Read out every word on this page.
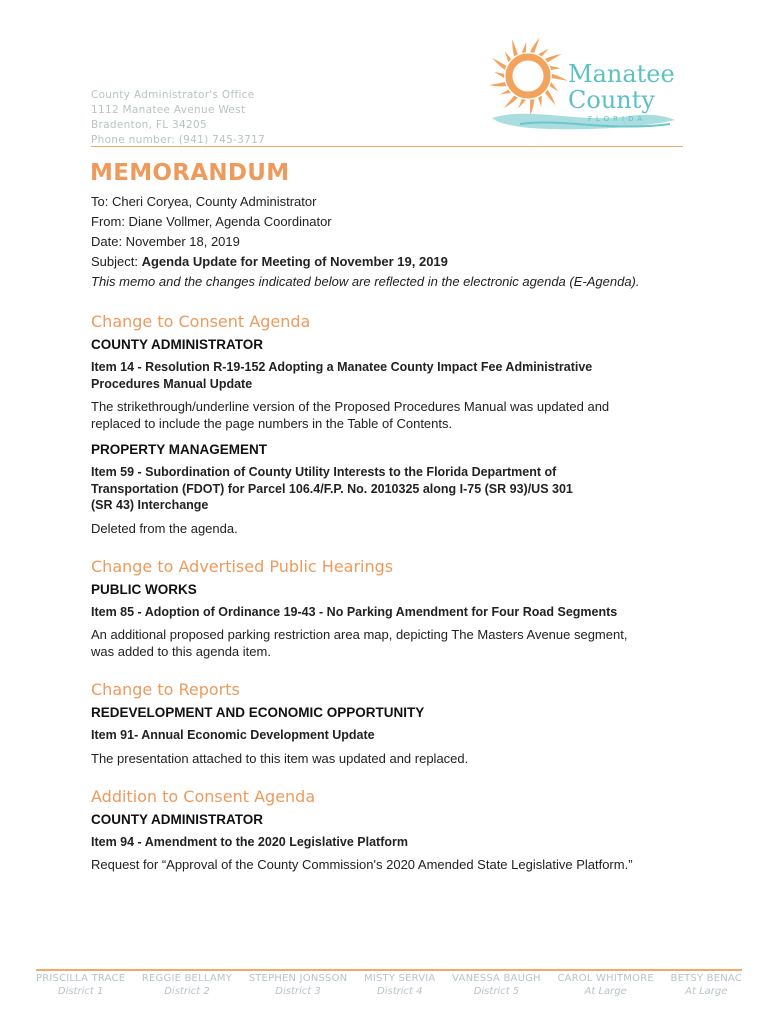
County Administrator's Office
1112 Manatee Avenue West
Bradenton, FL 34205
Phone number: (941) 745-3717
Manatee
County
FLORIDA
MEMORANDUM
To: Cheri Coryea, County Administrator
From: Diane Vollmer, Agenda Coordinator
Date: November 18, 2019
Subject: Agenda Update for Meeting of November 19, 2019
This memo and the changes indicated below are reflected in the electronic agenda (E-Agenda).
Change to Consent Agenda
COUNTY ADMINISTRATOR
Item 14 - Resolution R-19-152 Adopting a Manatee County Impact Fee Administrative
Procedures Manual Update
The strikethrough/underline version of the Proposed Procedures Manual was updated and
replaced to include the page numbers in the Table of Contents.
PROPERTY MANAGEMENT
Item 59 - Subordination of County Utility Interests to the Florida Department of
Transportation (FDOT) for Parcel 106.4/F.P. No. 2010325 along I-75 (SR 93)/US 301
(SR 43) Interchange
Deleted from the agenda.
Change to Advertised Public Hearings
PUBLIC WORKS
Item 85 - Adoption of Ordinance 19-43 - No Parking Amendment for Four Road Segments
An additional proposed parking restriction area map, depicting The Masters Avenue segment,
was added to this agenda item.
Change to Reports
REDEVELOPMENT AND ECONOMIC OPPORTUNITY
Item 91- Annual Economic Development Update
The presentation attached to this item was updated and replaced.
Addition to Consent Agenda
COUNTY ADMINISTRATOR
Item 94 - Amendment to the 2020 Legislative Platform
Request for “Approval of the County Commission's 2020 Amended State Legislative Platform.”
PRISCILLA TRACE
District 1
REGGIE BELLAMY
District 2
STEPHEN JONSSON
District 3
MISTY SERVIA
District 4
VANESSA BAUGH
District 5
CAROL WHITMORE
At Large
BETSY BENAC
At Large
